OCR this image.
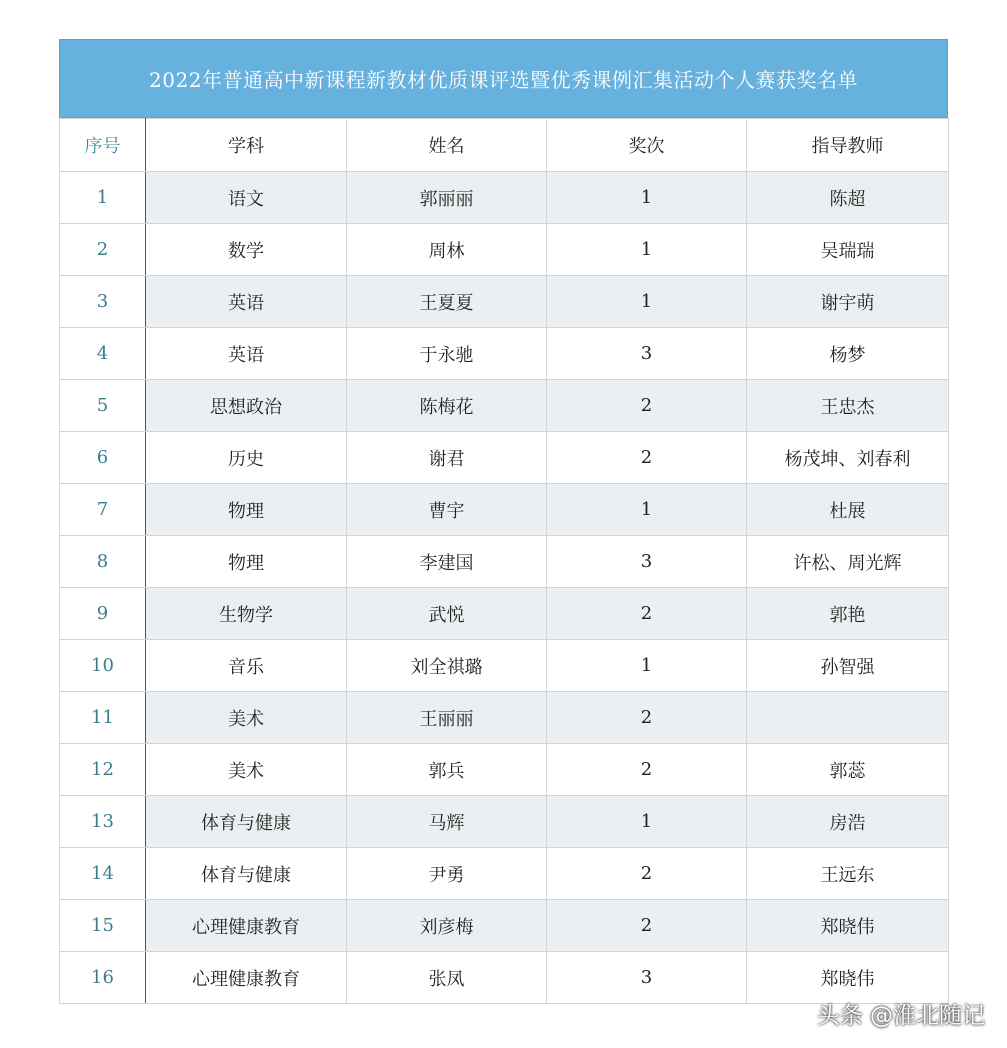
2022年普通高中新课程新教材优质课评选暨优秀课例汇集活动个人赛获奖名单
序号	学科	姓名	奖次	指导教师
1	语文	郭丽丽	1	陈超
2	数学	周林	1	吴瑞瑞
3	英语	王夏夏	1	谢宇萌
4	英语	于永驰	3	杨梦
5	思想政治	陈梅花	2	王忠杰
6	历史	谢君	2	杨茂坤、刘春利
7	物理	曹宇	1	杜展
8	物理	李建国	3	许松、周光辉
9	生物学	武悦	2	郭艳
10	音乐	刘全祺璐	1	孙智强
11	美术	王丽丽	2	
12	美术	郭兵	2	郭蕊
13	体育与健康	马辉	1	房浩
14	体育与健康	尹勇	2	王远东
15	心理健康教育	刘彦梅	2	郑晓伟
16	心理健康教育	张凤	3	郑晓伟
头条 @淮北随记
